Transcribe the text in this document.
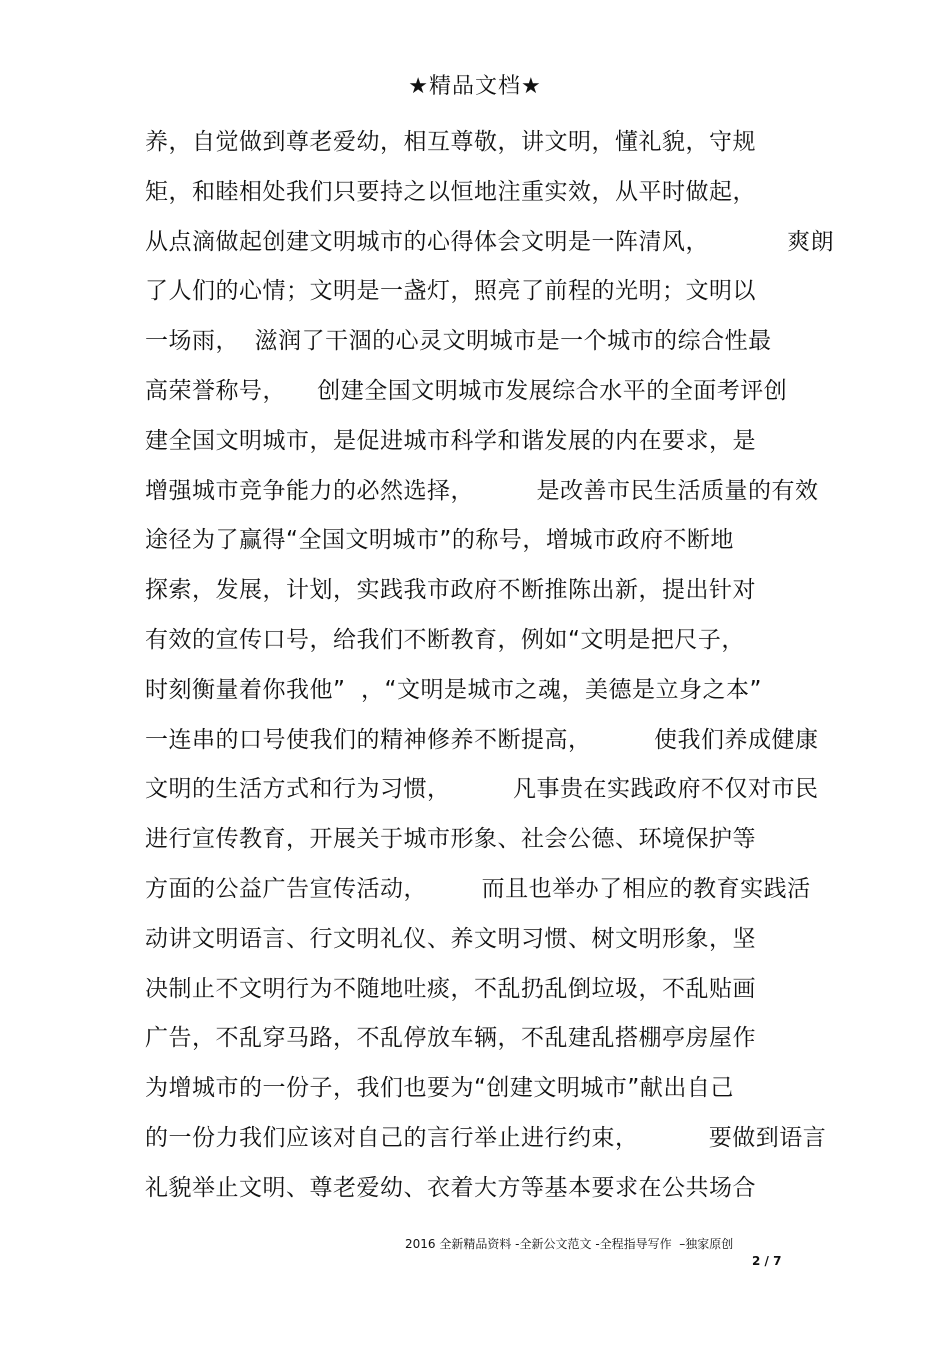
★精品文档★
养，自觉做到尊老爱幼，相互尊敬，讲文明，懂礼貌，守规
矩，和睦相处我们只要持之以恒地注重实效，从平时做起，
从点滴做起创建文明城市的心得体会文明是一阵清风，          爽朗
了人们的心情；文明是一盏灯，照亮了前程的光明；文明以
一场雨，  滋润了干涸的心灵文明城市是一个城市的综合性最
高荣誉称号，    创建全国文明城市发展综合水平的全面考评创
建全国文明城市，是促进城市科学和谐发展的内在要求，是
增强城市竞争能力的必然选择，        是改善市民生活质量的有效
途径为了赢得“全国文明城市”的称号，增城市政府不断地
探索，发展，计划，实践我市政府不断推陈出新，提出针对
有效的宣传口号，给我们不断教育，例如“文明是把尺子，
时刻衡量着你我他”  ，“文明是城市之魂，美德是立身之本”
一连串的口号使我们的精神修养不断提高，        使我们养成健康
文明的生活方式和行为习惯，        凡事贵在实践政府不仅对市民
进行宣传教育，开展关于城市形象、社会公德、环境保护等
方面的公益广告宣传活动，       而且也举办了相应的教育实践活
动讲文明语言、行文明礼仪、养文明习惯、树文明形象，坚
决制止不文明行为不随地吐痰，不乱扔乱倒垃圾，不乱贴画
广告，不乱穿马路，不乱停放车辆，不乱建乱搭棚亭房屋作
为增城市的一份子，我们也要为“创建文明城市”献出自己
的一份力我们应该对自己的言行举止进行约束，         要做到语言
礼貌举止文明、尊老爱幼、衣着大方等基本要求在公共场合
2016 全新精品资料 -全新公文范文 -全程指导写作  –独家原创
2 / 7
